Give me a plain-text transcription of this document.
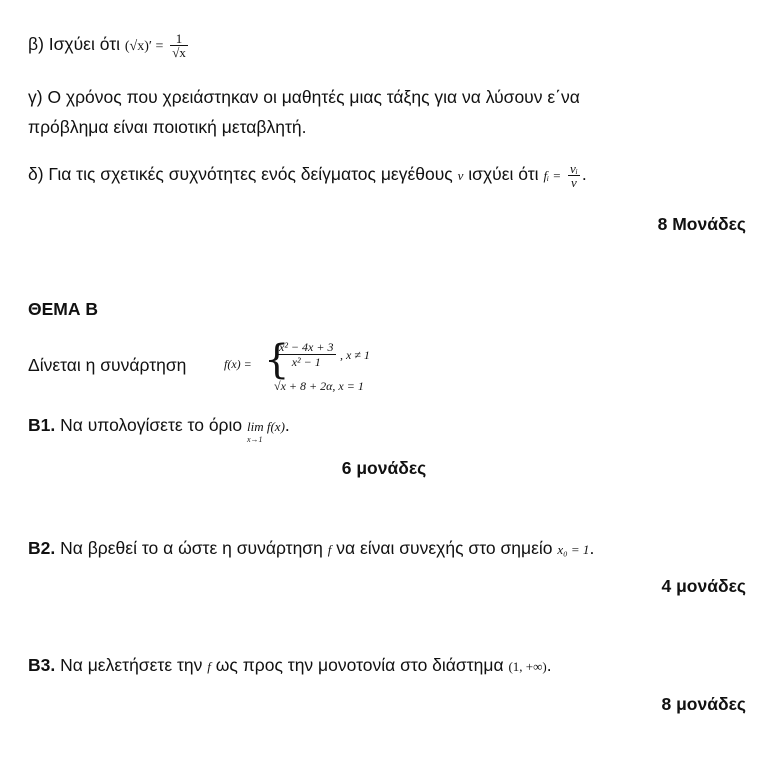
β) Ισχύει ότι $(√x)' = \frac{1}{√x}$
γ) Ο χρόνος που χρειάστηκαν οι μαθητές μιας τάξης για να λύσουν ε΄να
πρόβλημα είναι ποιοτική μεταβλητή.
δ) Για τις σχετικές συχνότητες ενός δείγματος μεγέθους ν ισχύει ότι fᵢ = $\frac{\text{νᵢ}}{\nu}$ .
8 Μονάδες
ΘΕΜΑ Β
Δίνεται η συνάρτηση	f(x) = {
$\frac{\text{x² − 4x + 3}}{\text{x² − 1}}$ , x ≠ 1
√x + 8 + 2α, x = 1
Β1. Να υπολογίσετε το όριο lim f(x)
x→1
.
6 μονάδες
Β2. Να βρεθεί το α ώστε η συνάρτηση f να είναι συνεχής στο σημείο x₀ = 1.
4 μονάδες
Β3. Να μελετήσετε την f ως προς την μονοτονία στο διάστημα (1, +∞).
8 μονάδες
